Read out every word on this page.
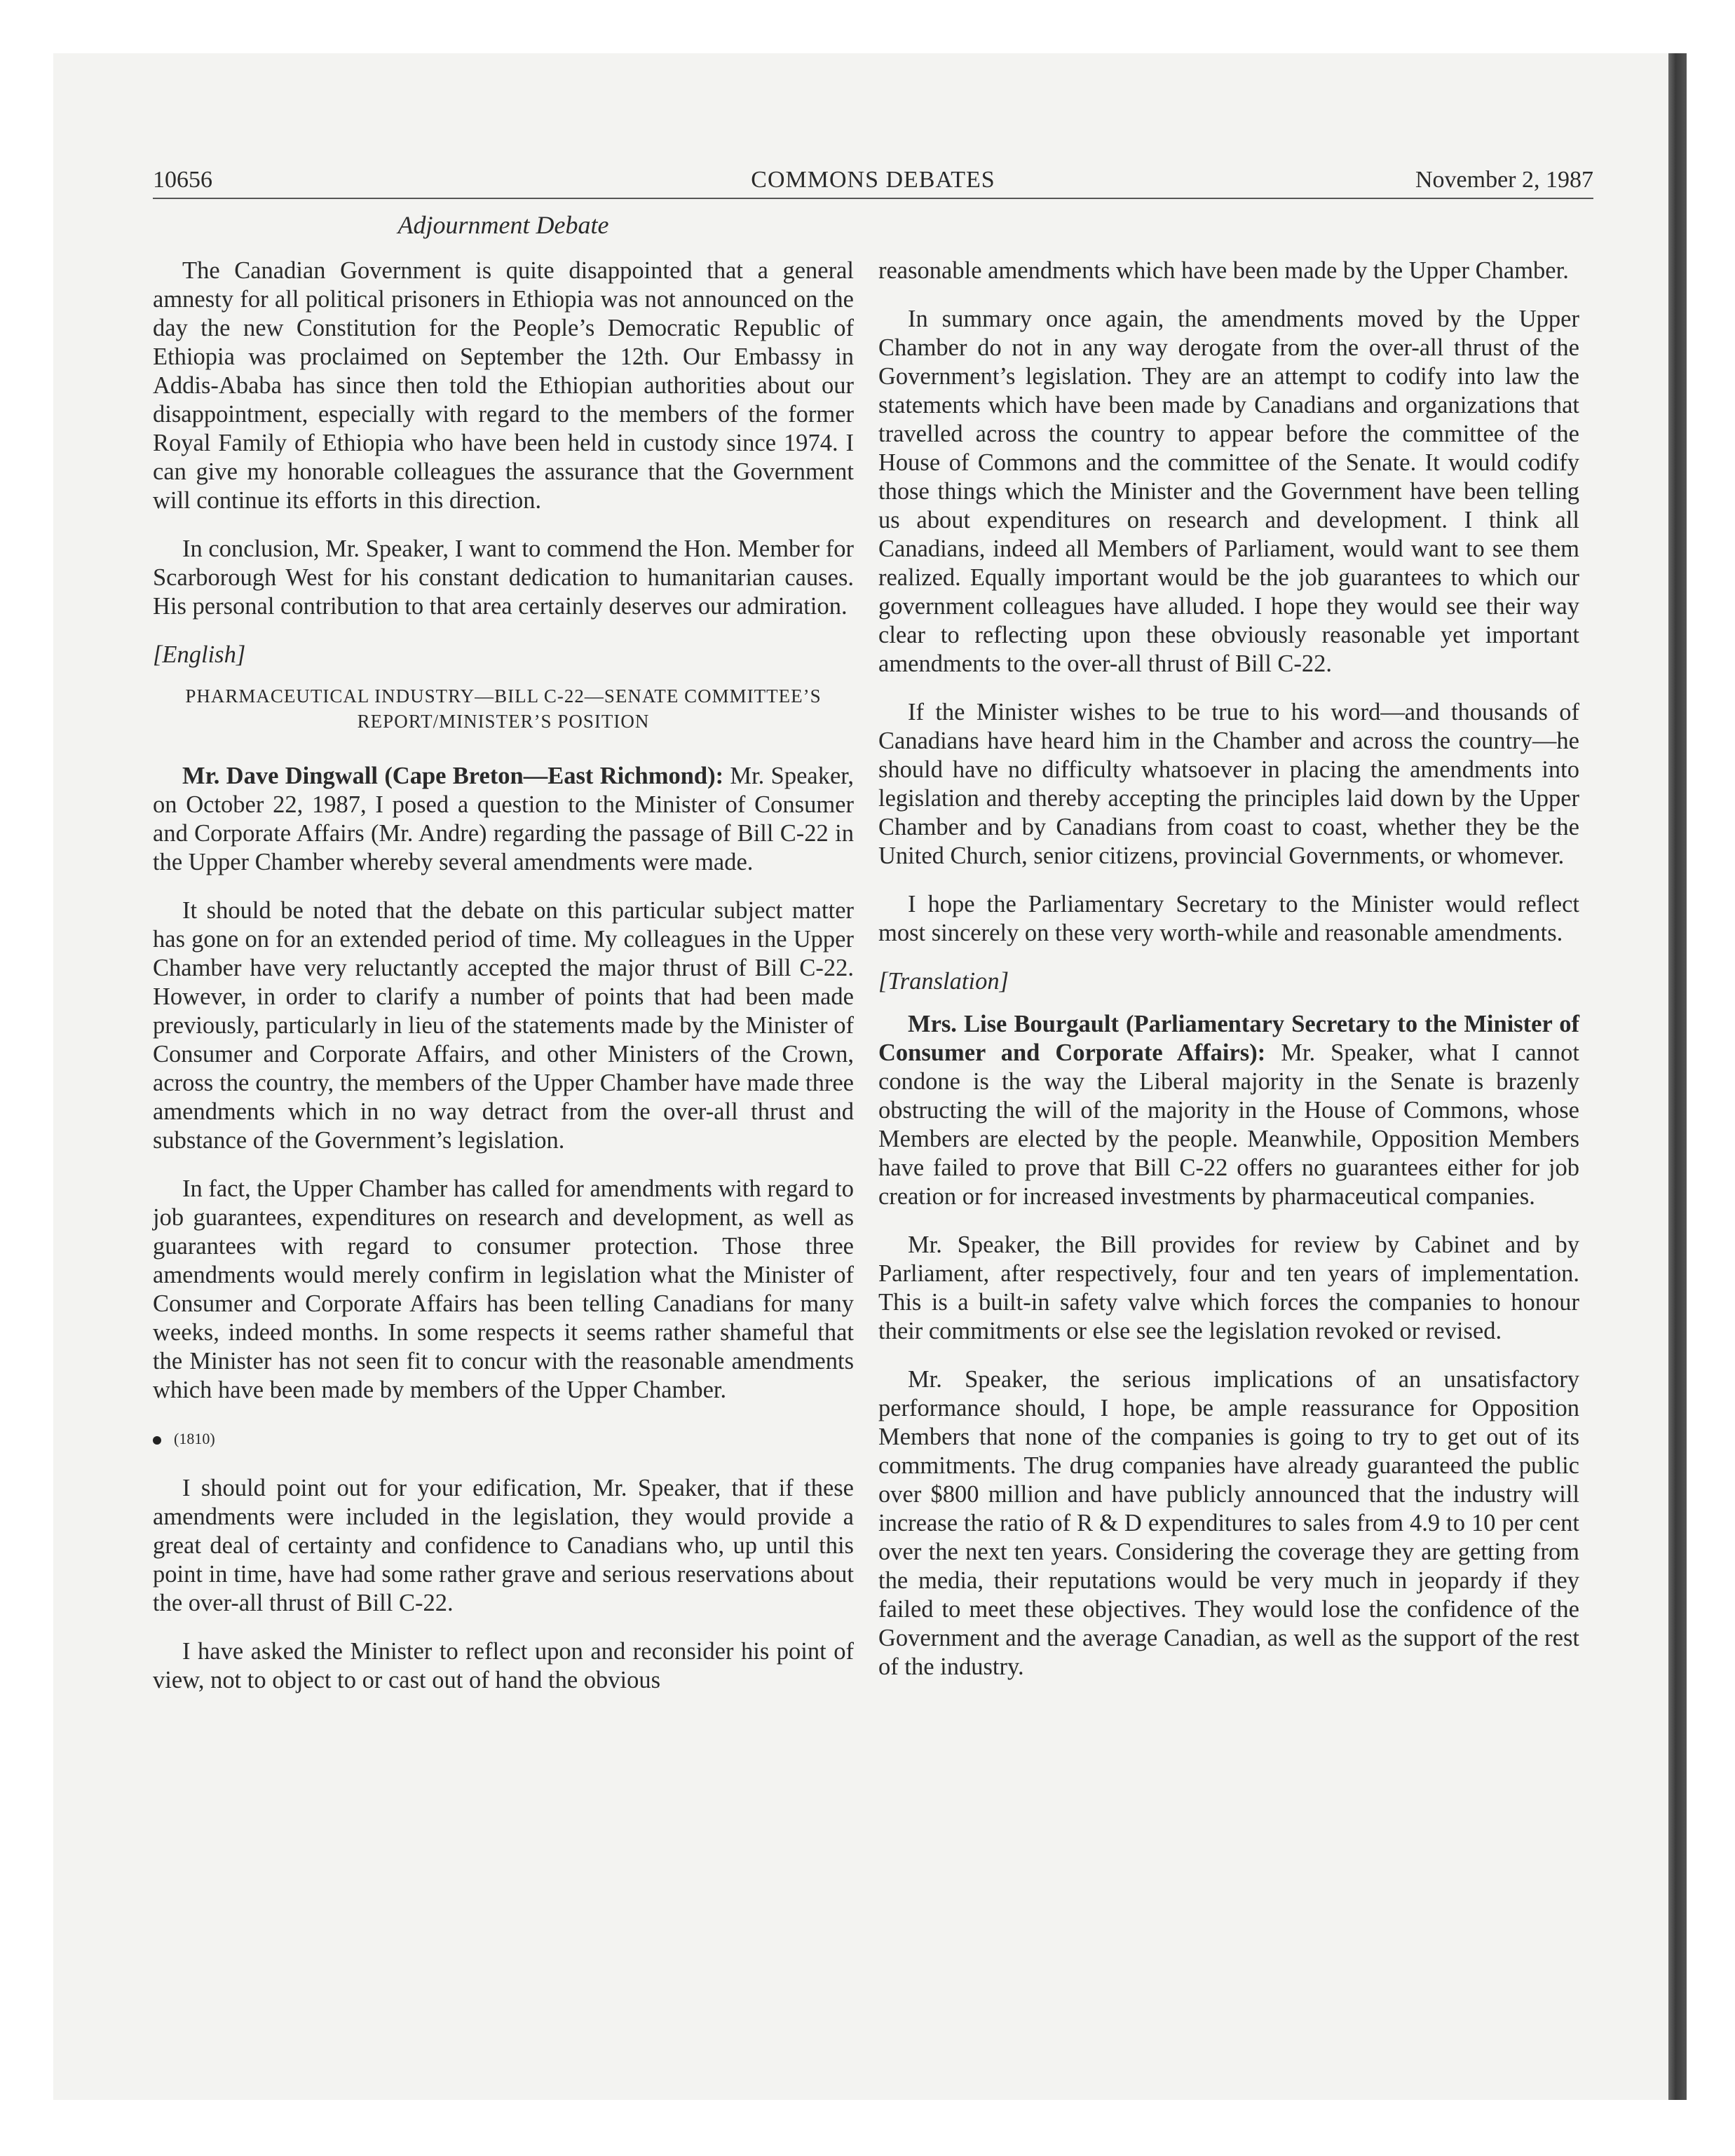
10656	COMMONS DEBATES	November 2, 1987
Adjournment Debate

The Canadian Government is quite disappointed that a general amnesty for all political prisoners in Ethiopia was not announced on the day the new Constitution for the People’s Democratic Republic of Ethiopia was proclaimed on September the 12th. Our Embassy in Addis-Ababa has since then told the Ethiopian authorities about our disappointment, especially with regard to the members of the former Royal Family of Ethiopia who have been held in custody since 1974. I can give my honorable colleagues the assurance that the Government will continue its efforts in this direction.

In conclusion, Mr. Speaker, I want to commend the Hon. Member for Scarborough West for his constant dedication to humanitarian causes. His personal contribution to that area certainly deserves our admiration.

[English]
PHARMACEUTICAL INDUSTRY—BILL C-22—SENATE COMMITTEE’S REPORT/MINISTER’S POSITION

Mr. Dave Dingwall (Cape Breton—East Richmond): Mr. Speaker, on October 22, 1987, I posed a question to the Minister of Consumer and Corporate Affairs (Mr. Andre) regarding the passage of Bill C-22 in the Upper Chamber whereby several amendments were made.

It should be noted that the debate on this particular subject matter has gone on for an extended period of time. My colleagues in the Upper Chamber have very reluctantly accepted the major thrust of Bill C-22. However, in order to clarify a number of points that had been made previously, particularly in lieu of the statements made by the Minister of Consumer and Corporate Affairs, and other Ministers of the Crown, across the country, the members of the Upper Chamber have made three amendments which in no way detract from the over-all thrust and substance of the Government’s legislation.

In fact, the Upper Chamber has called for amendments with regard to job guarantees, expenditures on research and development, as well as guarantees with regard to consumer protection. Those three amendments would merely confirm in legislation what the Minister of Consumer and Corporate Affairs has been telling Canadians for many weeks, indeed months. In some respects it seems rather shameful that the Minister has not seen fit to concur with the reasonable amendments which have been made by members of the Upper Chamber.

(1810)

I should point out for your edification, Mr. Speaker, that if these amendments were included in the legislation, they would provide a great deal of certainty and confidence to Canadians who, up until this point in time, have had some rather grave and serious reservations about the over-all thrust of Bill C-22.

I have asked the Minister to reflect upon and reconsider his point of view, not to object to or cast out of hand the obvious

reasonable amendments which have been made by the Upper Chamber.

In summary once again, the amendments moved by the Upper Chamber do not in any way derogate from the over-all thrust of the Government’s legislation. They are an attempt to codify into law the statements which have been made by Canadians and organizations that travelled across the country to appear before the committee of the House of Commons and the committee of the Senate. It would codify those things which the Minister and the Government have been telling us about expenditures on research and development. I think all Canadians, indeed all Members of Parliament, would want to see them realized. Equally important would be the job guarantees to which our government colleagues have alluded. I hope they would see their way clear to reflecting upon these obviously reasonable yet important amendments to the over-all thrust of Bill C-22.

If the Minister wishes to be true to his word—and thousands of Canadians have heard him in the Chamber and across the country—he should have no difficulty whatsoever in placing the amendments into legislation and thereby accepting the principles laid down by the Upper Chamber and by Canadians from coast to coast, whether they be the United Church, senior citizens, provincial Governments, or whomever.

I hope the Parliamentary Secretary to the Minister would reflect most sincerely on these very worth-while and reasonable amendments.

[Translation]

Mrs. Lise Bourgault (Parliamentary Secretary to the Minister of Consumer and Corporate Affairs): Mr. Speaker, what I cannot condone is the way the Liberal majority in the Senate is brazenly obstructing the will of the majority in the House of Commons, whose Members are elected by the people. Meanwhile, Opposition Members have failed to prove that Bill C-22 offers no guarantees either for job creation or for increased investments by pharmaceutical companies.

Mr. Speaker, the Bill provides for review by Cabinet and by Parliament, after respectively, four and ten years of implementation. This is a built-in safety valve which forces the companies to honour their commitments or else see the legislation revoked or revised.

Mr. Speaker, the serious implications of an unsatisfactory performance should, I hope, be ample reassurance for Opposition Members that none of the companies is going to try to get out of its commitments. The drug companies have already guaranteed the public over $800 million and have publicly announced that the industry will increase the ratio of R & D expenditures to sales from 4.9 to 10 per cent over the next ten years. Considering the coverage they are getting from the media, their reputations would be very much in jeopardy if they failed to meet these objectives. They would lose the confidence of the Government and the average Canadian, as well as the support of the rest of the industry.
